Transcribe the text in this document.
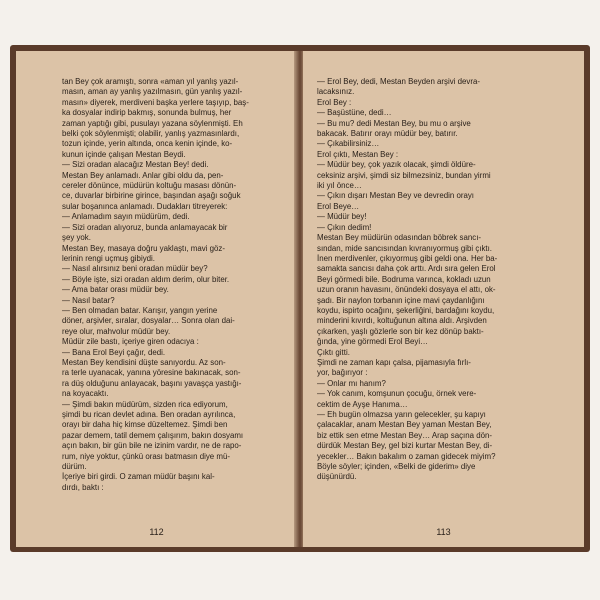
tan Bey çok aramıştı, sonra «aman yıl yanlış yazıl-

masın, aman ay yanlış yazılmasın, gün yanlış yazıl-

masın» diyerek, merdiveni başka yerlere taşıyıp, baş-

ka dosyalar indirip bakmış, sonunda bulmuş, her

zaman yaptığı gibi, pusulayı yazana söylenmişti. Eh

belki çok söylenmişti; olabilir, yanlış yazmasınlardı,

tozun içinde, yerin altında, onca kenin içinde, ko-

kunun içinde çalışan Mestan Beydi.

— Sizi oradan alacağız Mestan Bey! dedi.

Mestan Bey anlamadı. Anlar gibi oldu da, pen-

cereler dönünce, müdürün koltuğu masası dönün-

ce, duvarlar birbirine girince, başından aşağı soğuk

sular boşanınca anlamadı. Dudakları titreyerek:

— Anlamadım sayın müdürüm, dedi.

— Sizi oradan alıyoruz, bunda anlamayacak bir

şey yok.

Mestan Bey, masaya doğru yaklaştı, mavi göz-

lerinin rengi uçmuş gibiydi.

— Nasıl alırsınız beni oradan müdür bey?

— Böyle işte, sizi oradan aldım derim, olur biter.

— Ama batar orası müdür bey.

— Nasıl batar?

— Ben olmadan batar. Karışır, yangın yerine

döner, arşivler, sıralar, dosyalar… Sonra olan dai-

reye olur, mahvolur müdür bey.

Müdür zile bastı, içeriye giren odacıya :

— Bana Erol Beyi çağır, dedi.

Mestan Bey kendisini düşte sanıyordu. Az son-

ra terle uyanacak, yanına yöresine bakınacak, son-

ra düş olduğunu anlayacak, başını yavaşça yastığı-

na koyacaktı.

— Şimdi bakın müdürüm, sizden rica ediyorum,

şimdi bu rican devlet adına. Ben oradan ayrılınca,

orayı bir daha hiç kimse düzeltemez. Şimdi ben

pazar demem, tatil demem çalışırım, bakın dosyamı

açın bakın, bir gün bile ne izinim vardır, ne de rapo-

rum, niye yoktur, çünkü orası batmasın diye mü-

dürüm.

İçeriye biri girdi. O zaman müdür başını kal-

dırdı, baktı :

112

— Erol Bey, dedi, Mestan Beyden arşivi devra-

lacaksınız.

Erol Bey :

— Başüstüne, dedi…

— Bu mu? dedi Mestan Bey, bu mu o arşive

bakacak. Batırır orayı müdür bey, batırır.

— Çıkabilirsiniz…

Erol çıktı, Mestan Bey :

— Müdür bey, çok yazık olacak, şimdi öldüre-

ceksiniz arşivi, şimdi siz bilmezsiniz, bundan yirmi

iki yıl önce…

— Çıkın dışarı Mestan Bey ve devredin orayı

Erol Beye…

— Müdür bey!

— Çıkın dedim!

Mestan Bey müdürün odasından böbrek sancı-

sından, mide sancısından kıvranıyormuş gibi çıktı.

İnen merdivenler, çıkıyormuş gibi geldi ona. Her ba-

samakta sancısı daha çok arttı. Ardı sıra gelen Erol

Beyi görmedi bile. Bodruma varınca, kokladı uzun

uzun oranın havasını, önündeki dosyaya el attı, ok-

şadı. Bir naylon torbanın içine mavi çaydanlığını

koydu, ispirto ocağını, şekerliğini, bardağını koydu,

minderini kıvırdı, koltuğunun altına aldı. Arşivden

çıkarken, yaşlı gözlerle son bir kez dönüp baktı-

ğında, yine görmedi Erol Beyi…

Çıktı gitti.

Şimdi ne zaman kapı çalsa, pijamasıyla fırlı-

yor, bağırıyor :

— Onlar mı hanım?

— Yok canım, komşunun çocuğu, örnek vere-

cektim de Ayşe Hanıma…

— Eh bugün olmazsa yarın gelecekler, şu kapıyı

çalacaklar, anam Mestan Bey yaman Mestan Bey,

biz ettik sen etme Mestan Bey… Arap saçına dön-

dürdük Mestan Bey, gel bizi kurtar Mestan Bey, di-

yecekler… Bakın bakalım o zaman gidecek miyim?

Böyle söyler; içinden, «Belki de giderim» diye

düşünürdü.

113
